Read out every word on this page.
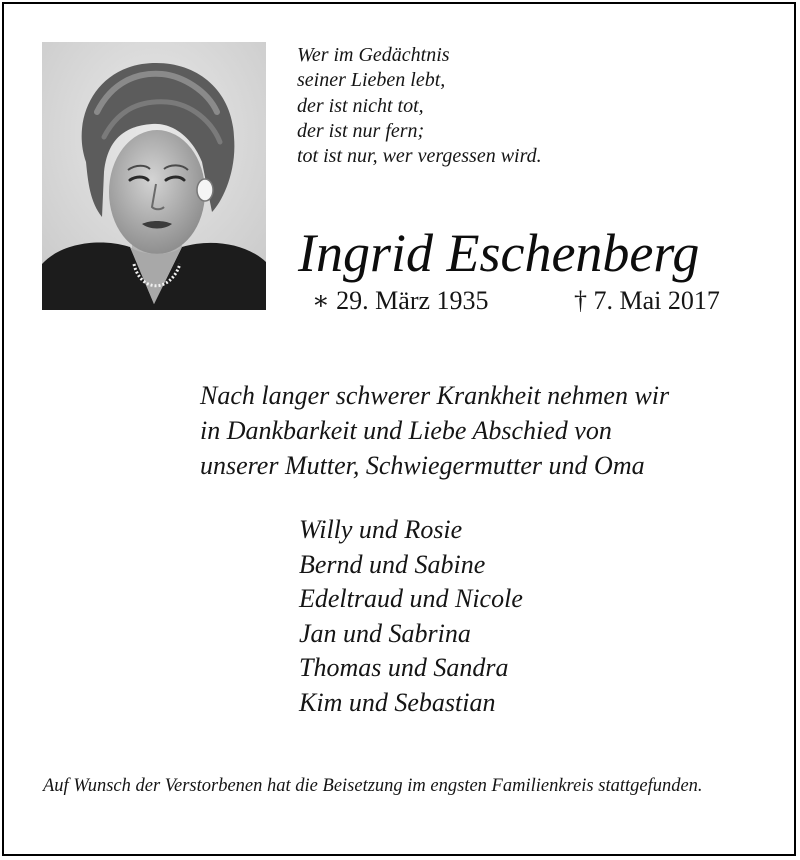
Wer im Gedächtnis
seiner Lieben lebt,
der ist nicht tot,
der ist nur fern;
tot ist nur, wer vergessen wird.
Ingrid Eschenberg
∗ 29. März 1935	† 7. Mai 2017
Nach langer schwerer Krankheit nehmen wir
in Dankbarkeit und Liebe Abschied von
unserer Mutter, Schwiegermutter und Oma
Willy und Rosie
Bernd und Sabine
Edeltraud und Nicole
Jan und Sabrina
Thomas und Sandra
Kim und Sebastian
Auf Wunsch der Verstorbenen hat die Beisetzung im engsten Familienkreis stattgefunden.
